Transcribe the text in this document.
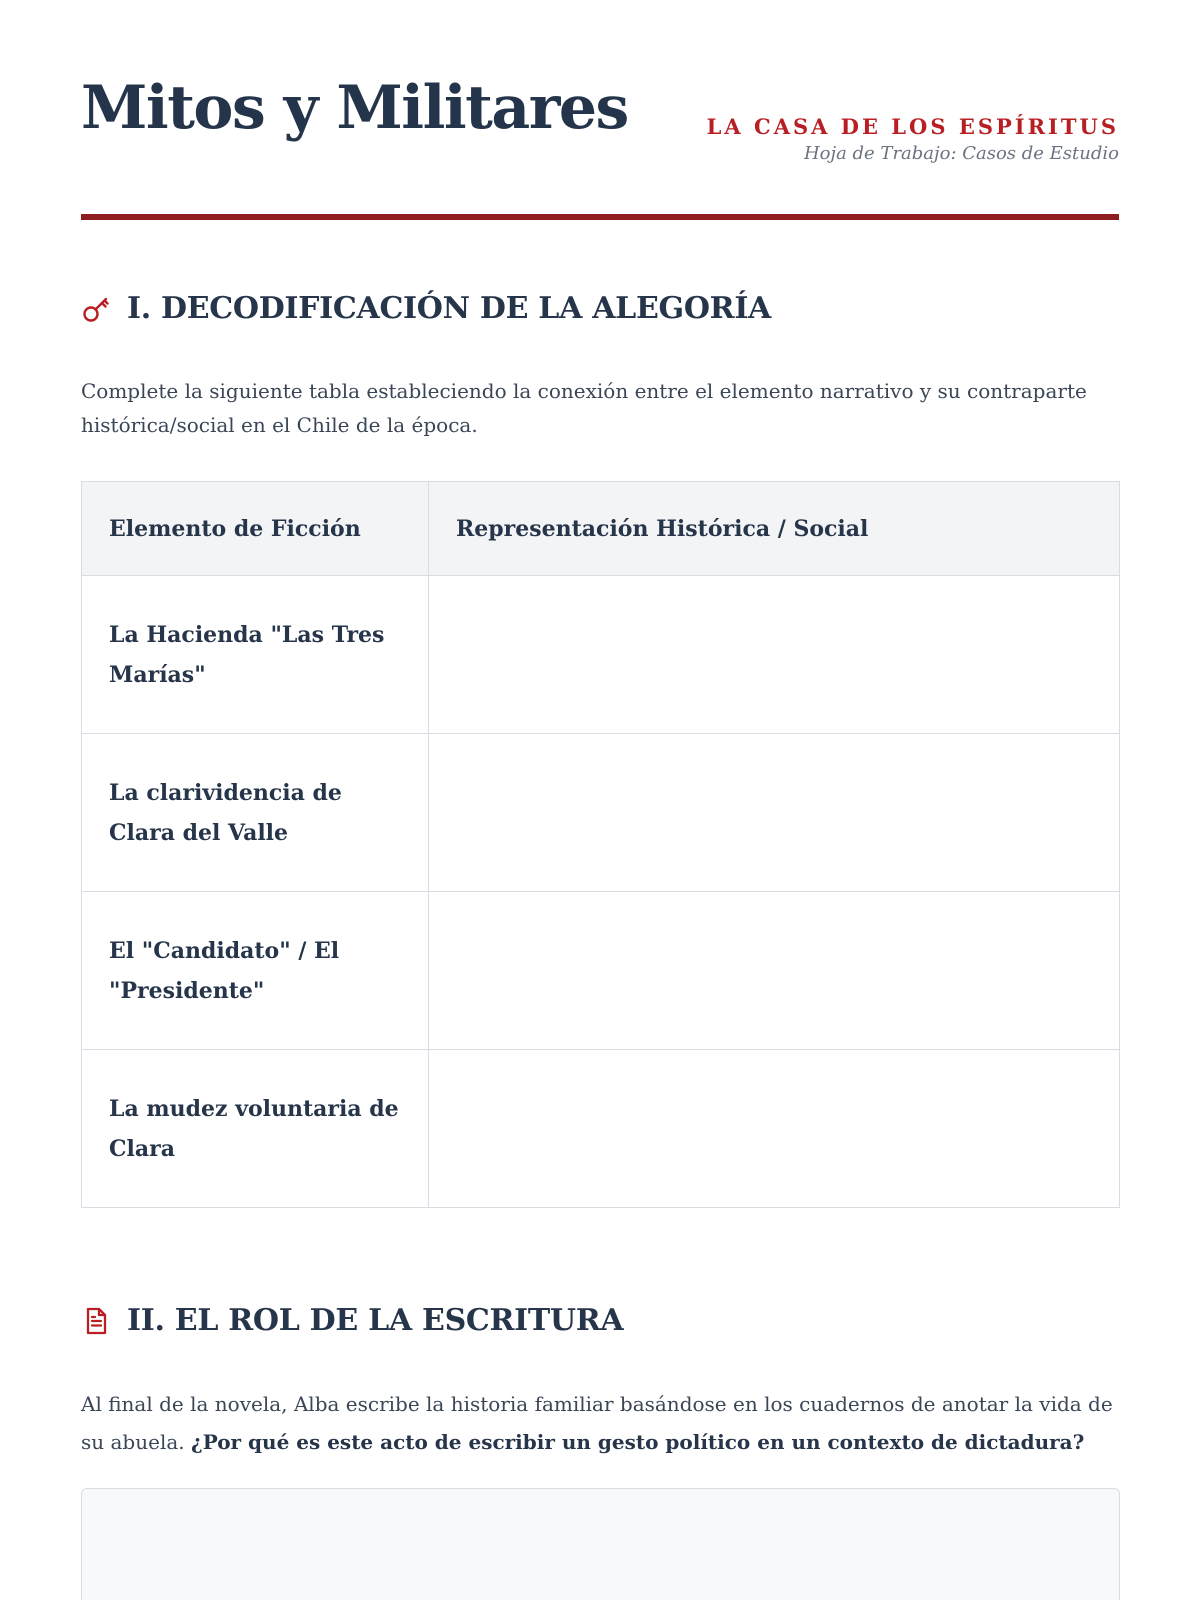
Mitos y Militares	LA CASA DE LOS ESPÍRITUS
Hoja de Trabajo: Casos de Estudio
I. DECODIFICACIÓN DE LA ALEGORÍA

Complete la siguiente tabla estableciendo la conexión entre el elemento narrativo y su contraparte histórica/social en el Chile de la época.

Elemento de Ficción	Representación Histórica / Social
La Hacienda "Las Tres Marías"	
La clarividencia de Clara del Valle	
El "Candidato" / El "Presidente"	
La mudez voluntaria de Clara	
II. EL ROL DE LA ESCRITURA

Al final de la novela, Alba escribe la historia familiar basándose en los cuadernos de anotar la vida de su abuela. ¿Por qué es este acto de escribir un gesto político en un contexto de dictadura?
